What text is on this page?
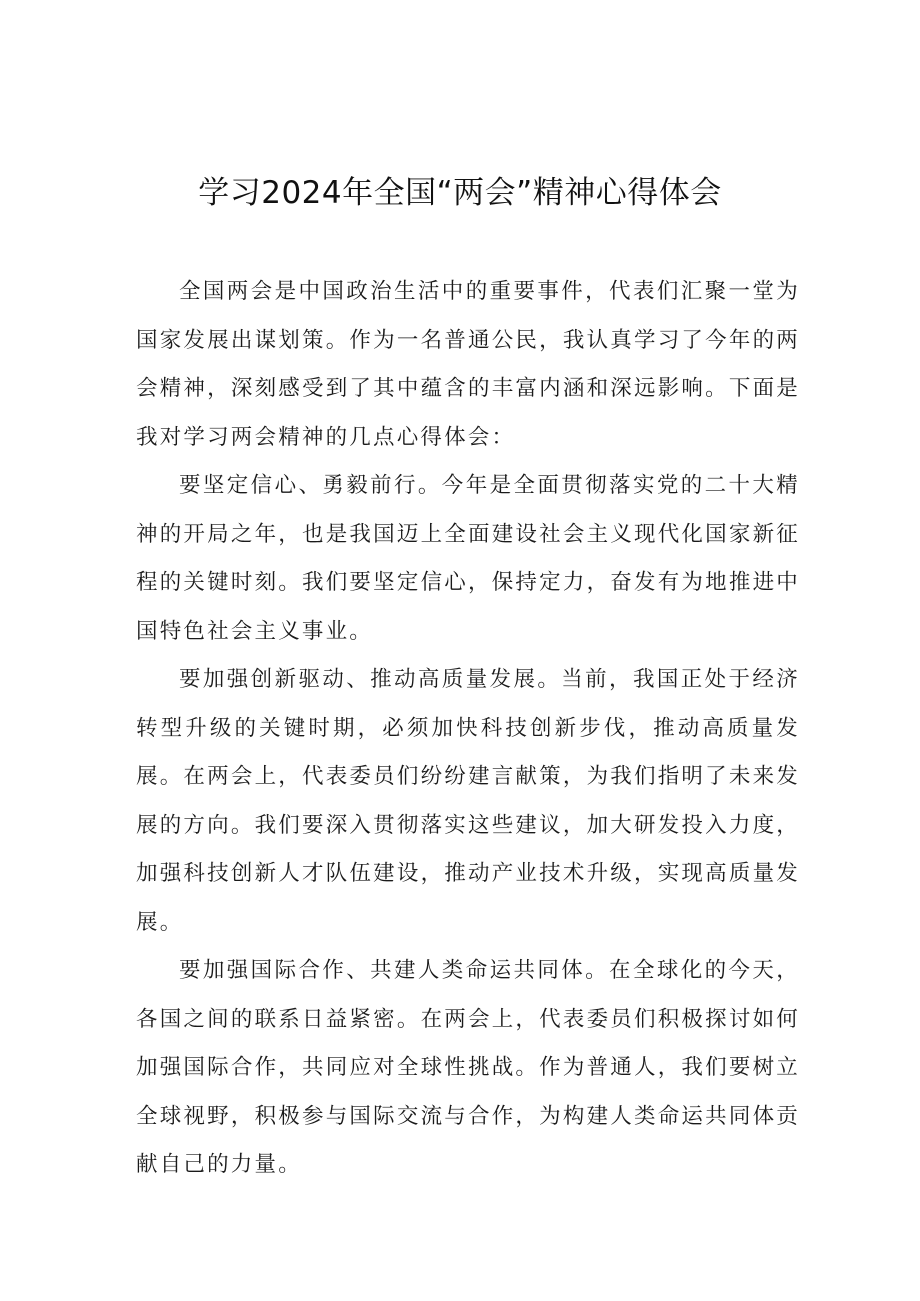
学习2024年全国“两会”精神心得体会

全国两会是中国政治生活中的重要事件，代表们汇聚一堂为国家发展出谋划策。作为一名普通公民，我认真学习了今年的两会精神，深刻感受到了其中蕴含的丰富内涵和深远影响。下面是我对学习两会精神的几点心得体会：

要坚定信心、勇毅前行。今年是全面贯彻落实党的二十大精神的开局之年，也是我国迈上全面建设社会主义现代化国家新征程的关键时刻。我们要坚定信心，保持定力，奋发有为地推进中国特色社会主义事业。

要加强创新驱动、推动高质量发展。当前，我国正处于经济转型升级的关键时期，必须加快科技创新步伐，推动高质量发展。在两会上，代表委员们纷纷建言献策，为我们指明了未来发展的方向。我们要深入贯彻落实这些建议，加大研发投入力度，加强科技创新人才队伍建设，推动产业技术升级，实现高质量发展。

要加强国际合作、共建人类命运共同体。在全球化的今天，各国之间的联系日益紧密。在两会上，代表委员们积极探讨如何加强国际合作，共同应对全球性挑战。作为普通人，我们要树立全球视野，积极参与国际交流与合作，为构建人类命运共同体贡献自己的力量。
